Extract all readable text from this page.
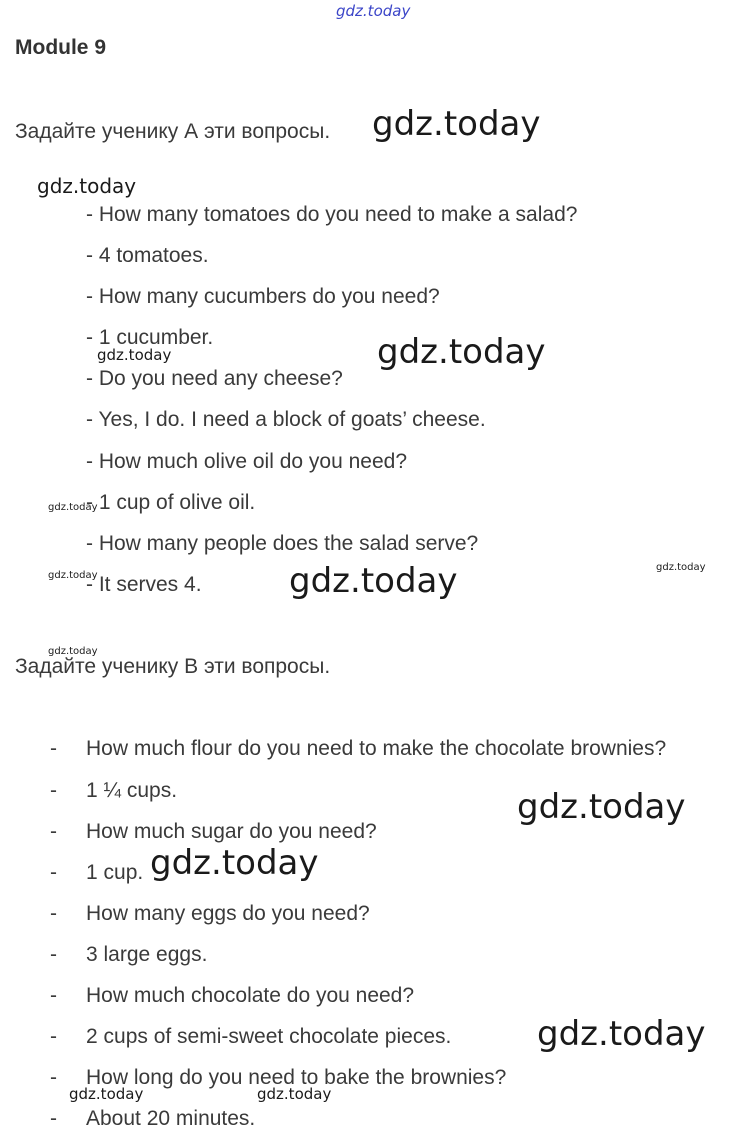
gdz.today
Module 9
Задайте ученику А эти вопросы.
- How many tomatoes do you need to make a salad?
- 4 tomatoes.
- How many cucumbers do you need?
- 1 cucumber.
- Do you need any cheese?
- Yes, I do. I need a block of goats’ cheese.
- How much olive oil do you need?
- 1 cup of olive oil.
- How many people does the salad serve?
- It serves 4.
Задайте ученику В эти вопросы.
- How much flour do you need to make the chocolate brownies?
- 1 ¼ cups.
- How much sugar do you need?
- 1 cup.
- How many eggs do you need?
- 3 large eggs.
- How much chocolate do you need?
- 2 cups of semi-sweet chocolate pieces.
- How long do you need to bake the brownies?
- About 20 minutes.
gdz.today
gdz.today
gdz.today
gdz.today
gdz.today
gdz.today	gdz.today	gdz.today
gdz.today
gdz.today
gdz.today
gdz.today
gdz.today	gdz.today
